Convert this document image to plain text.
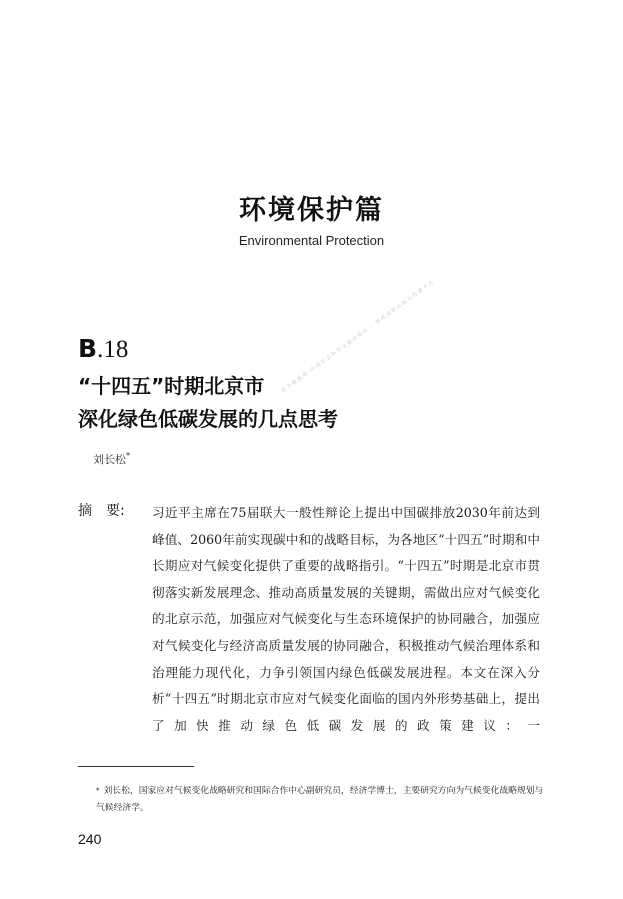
环境保护篇
Environmental Protection
皮书数据库·中国社会科学文献出版社 · 智库成果出版与传播平台
B.18
“十四五”时期北京市
深化绿色低碳发展的几点思考
刘长松*
摘　要: 习近平主席在75届联大一般性辩论上提出中国碳排放2030年前达到峰值、2060年前实现碳中和的战略目标，为各地区“十四五”时期和中长期应对气候变化提供了重要的战略指引。“十四五”时期是北京市贯彻落实新发展理念、推动高质量发展的关键期，需做出应对气候变化的北京示范，加强应对气候变化与生态环境保护的协同融合，加强应对气候变化与经济高质量发展的协同融合，积极推动气候治理体系和治理能力现代化，力争引领国内绿色低碳发展进程。本文在深入分析“十四五”时期北京市应对气候变化面临的国内外形势基础上，提出了加快推动绿色低碳发展的政策建议：一
* 刘长松，国家应对气候变化战略研究和国际合作中心副研究员，经济学博士，主要研究方向为气候变化战略规划与气候经济学。
240
